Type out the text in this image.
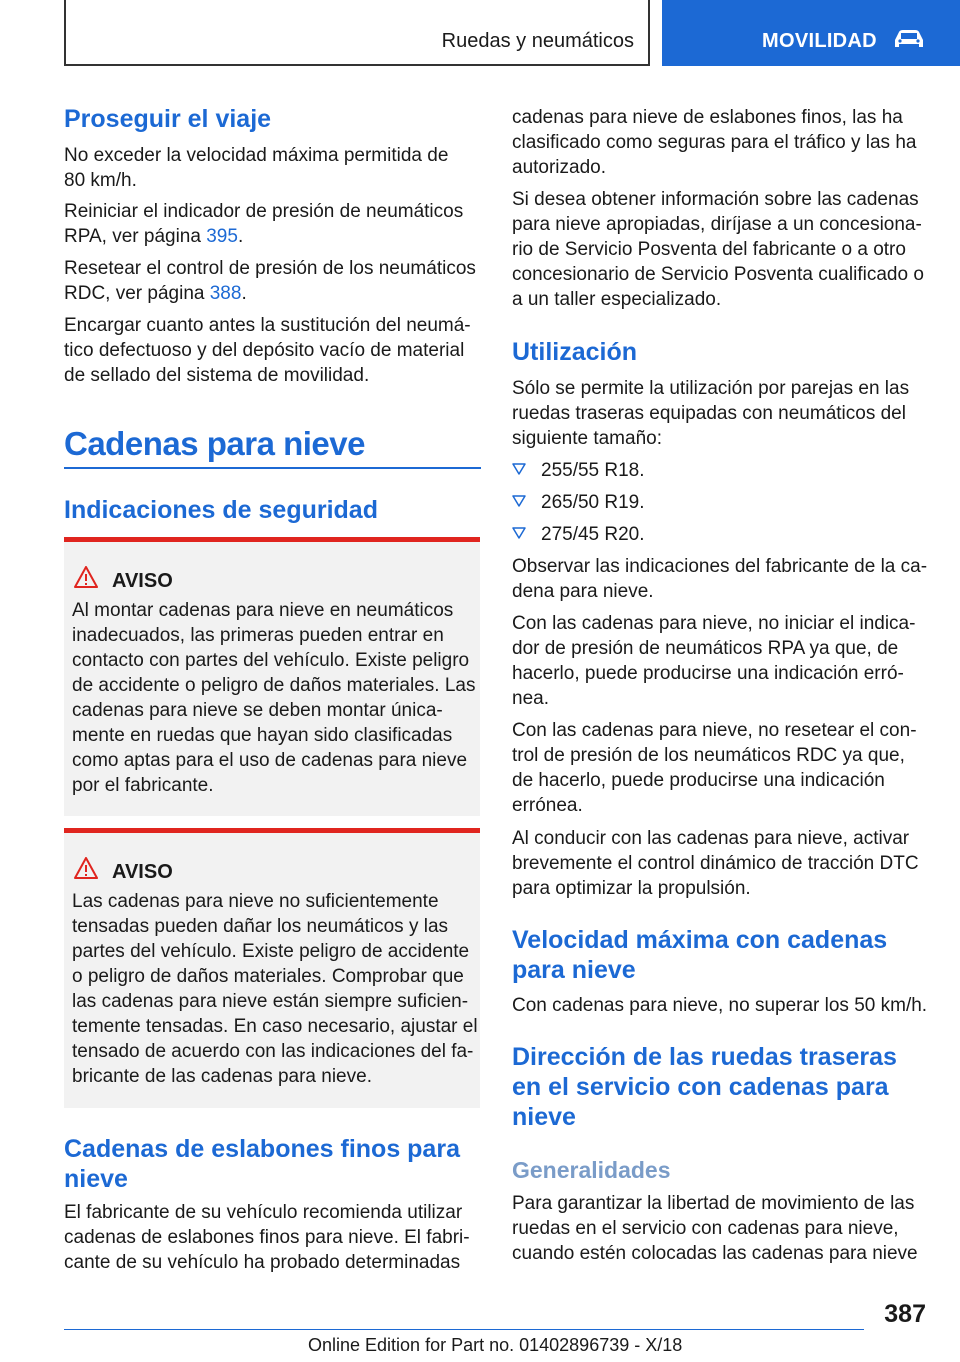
Ruedas y neumáticos	MOVILIDAD
Proseguir el viaje
No exceder la velocidad máxima permitida de
80 km/h.
Reiniciar el indicador de presión de neumáticos
RPA, ver página 395.
Resetear el control de presión de los neumáticos
RDC, ver página 388.
Encargar cuanto antes la sustitución del neumá‐
tico defectuoso y del depósito vacío de material
de sellado del sistema de movilidad.
Cadenas para nieve
Indicaciones de seguridad
AVISO
Al montar cadenas para nieve en neumáticos
inadecuados, las primeras pueden entrar en
contacto con partes del vehículo. Existe peligro
de accidente o peligro de daños materiales. Las
cadenas para nieve se deben montar única‐
mente en ruedas que hayan sido clasificadas
como aptas para el uso de cadenas para nieve
por el fabricante.
AVISO
Las cadenas para nieve no suficientemente
tensadas pueden dañar los neumáticos y las
partes del vehículo. Existe peligro de accidente
o peligro de daños materiales. Comprobar que
las cadenas para nieve están siempre suficien‐
temente tensadas. En caso necesario, ajustar el
tensado de acuerdo con las indicaciones del fa‐
bricante de las cadenas para nieve.
Cadenas de eslabones finos para
nieve
El fabricante de su vehículo recomienda utilizar
cadenas de eslabones finos para nieve. El fabri‐
cante de su vehículo ha probado determinadas
cadenas para nieve de eslabones finos, las ha
clasificado como seguras para el tráfico y las ha
autorizado.
Si desea obtener información sobre las cadenas
para nieve apropiadas, diríjase a un concesiona‐
rio de Servicio Posventa del fabricante o a otro
concesionario de Servicio Posventa cualificado o
a un taller especializado.
Utilización
Sólo se permite la utilización por parejas en las
ruedas traseras equipadas con neumáticos del
siguiente tamaño:
255/55 R18.
265/50 R19.
275/45 R20.
Observar las indicaciones del fabricante de la ca‐
dena para nieve.
Con las cadenas para nieve, no iniciar el indica‐
dor de presión de neumáticos RPA ya que, de
hacerlo, puede producirse una indicación erró‐
nea.
Con las cadenas para nieve, no resetear el con‐
trol de presión de los neumáticos RDC ya que,
de hacerlo, puede producirse una indicación
errónea.
Al conducir con las cadenas para nieve, activar
brevemente el control dinámico de tracción DTC
para optimizar la propulsión.
Velocidad máxima con cadenas
para nieve
Con cadenas para nieve, no superar los 50 km/h.
Dirección de las ruedas traseras
en el servicio con cadenas para
nieve
Generalidades
Para garantizar la libertad de movimiento de las
ruedas en el servicio con cadenas para nieve,
cuando estén colocadas las cadenas para nieve
387
Online Edition for Part no. 01402896739 - X/18
